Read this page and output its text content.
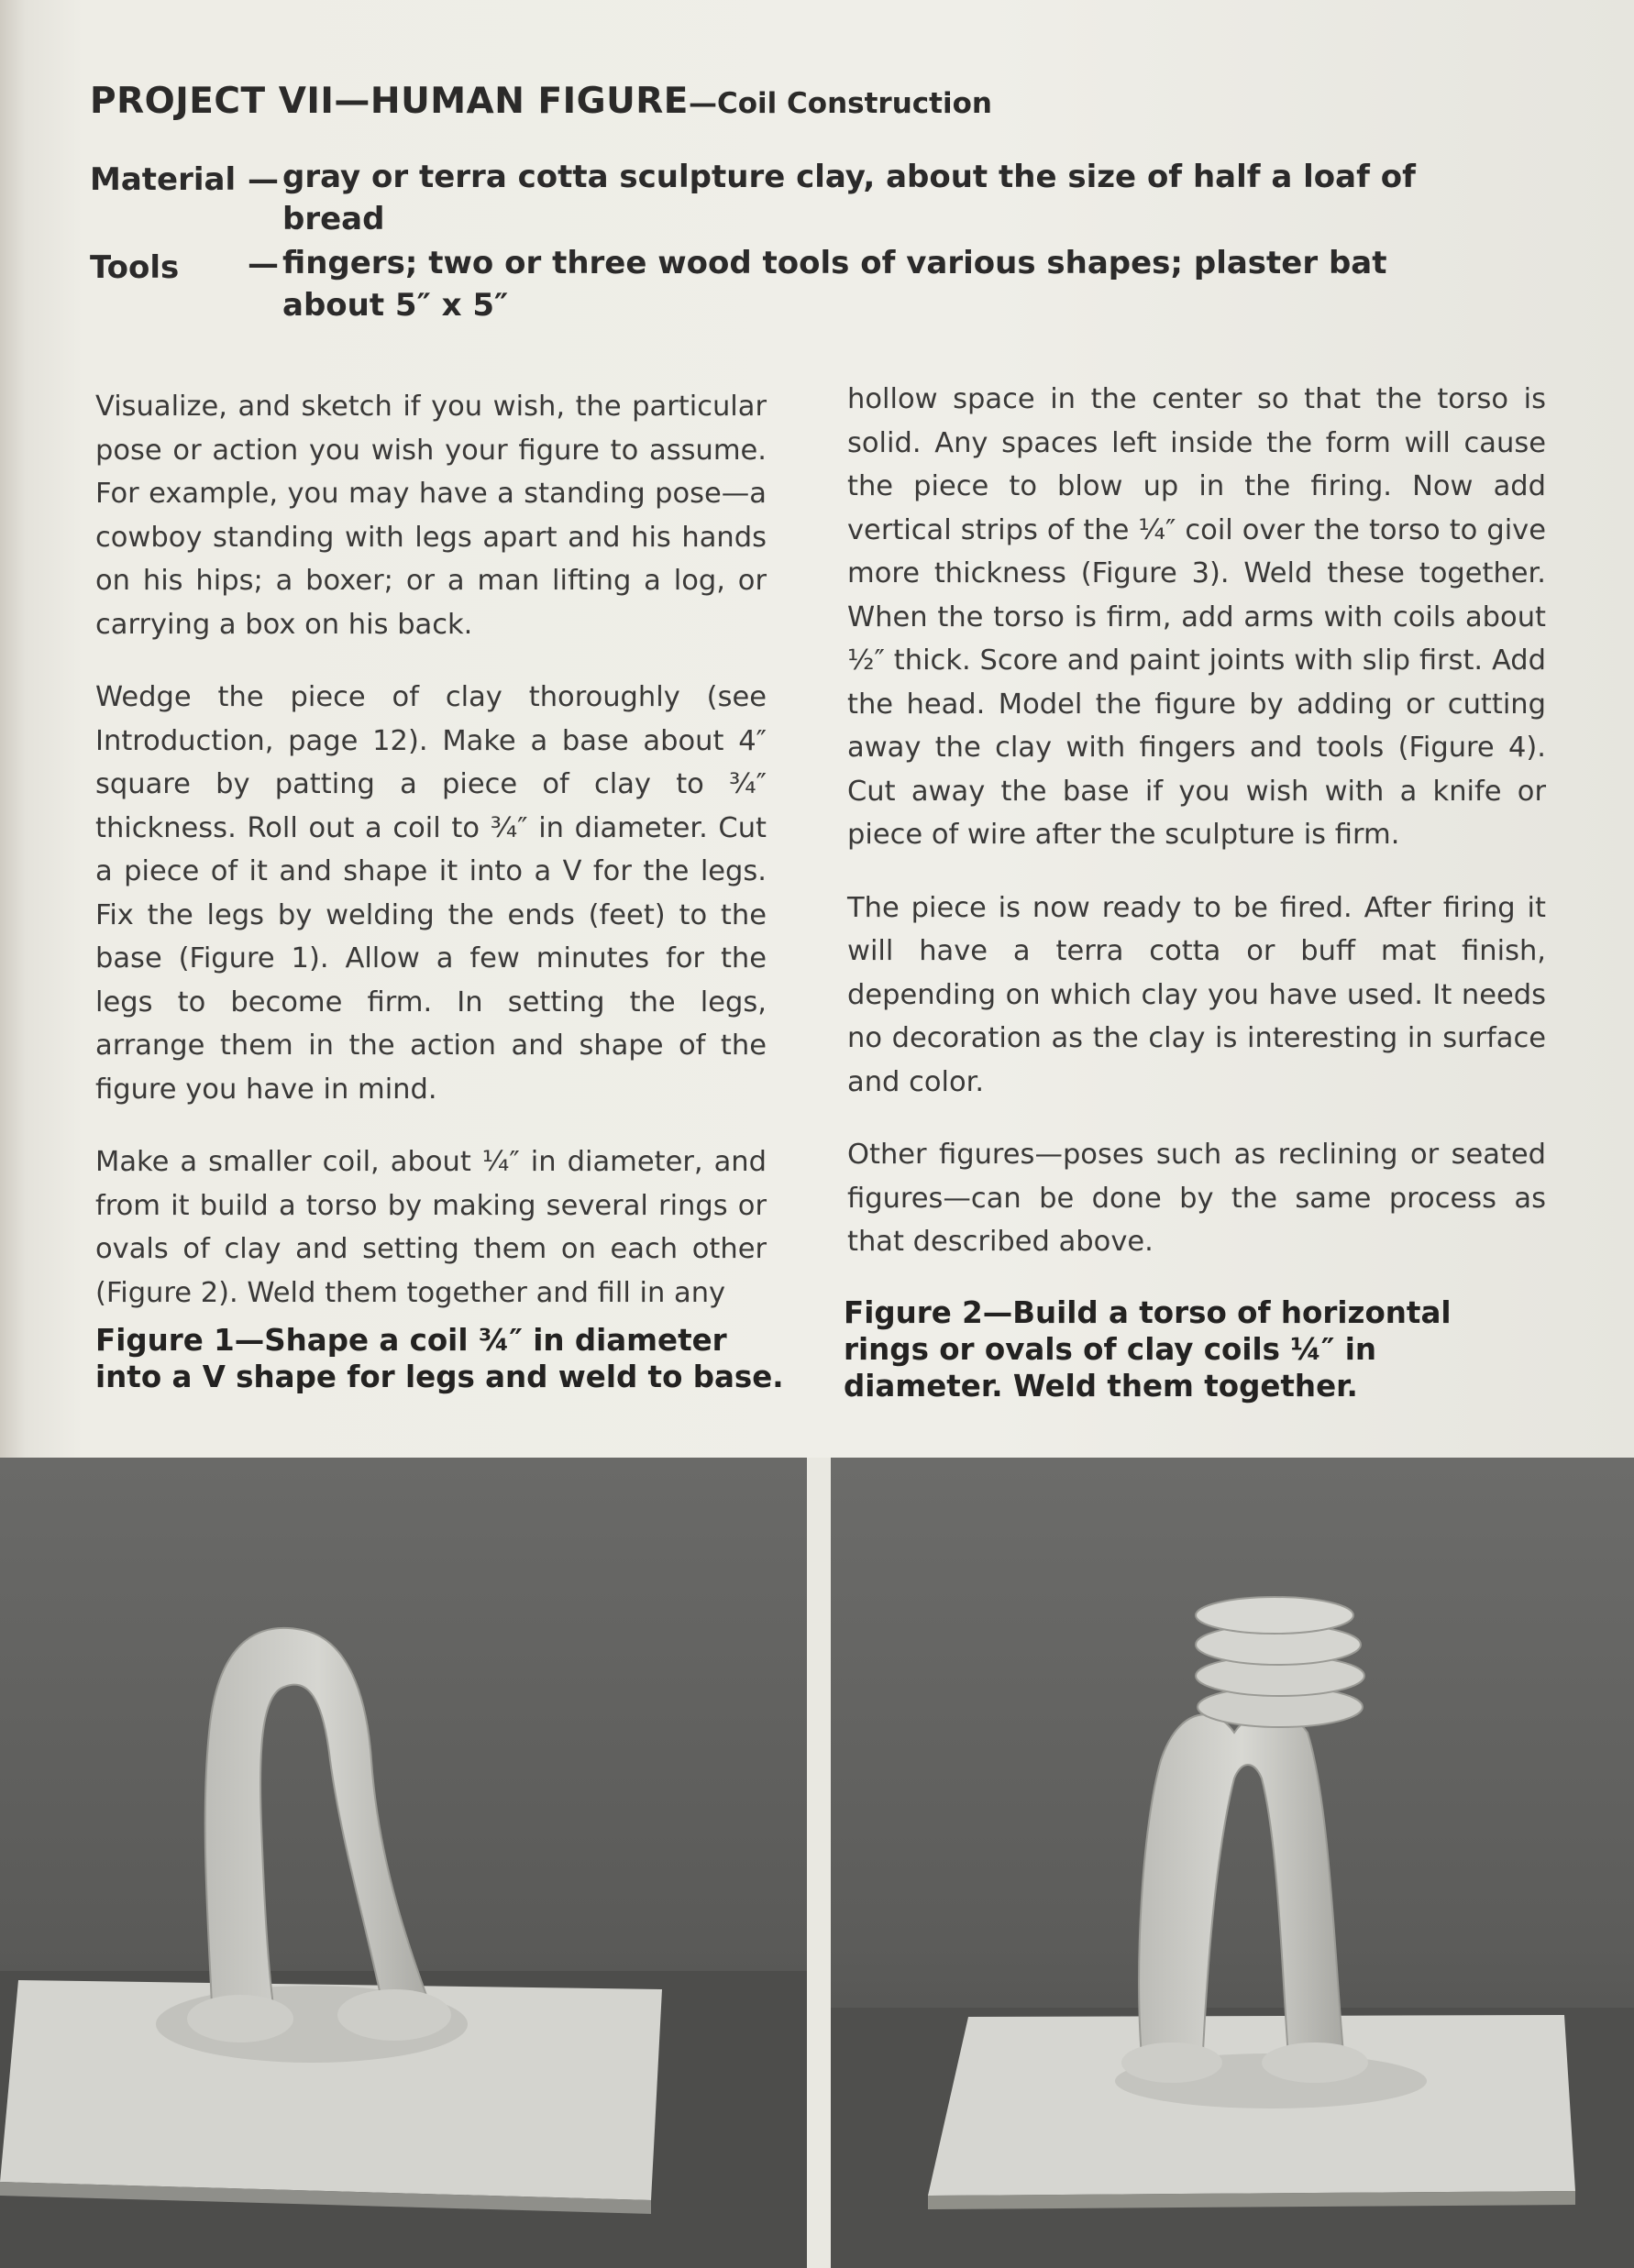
PROJECT VII—HUMAN FIGURE—Coil Construction
Material — gray or terra cotta sculpture clay, about the size of half a loaf of bread
Tools — fingers; two or three wood tools of various shapes; plaster bat about 5″ x 5″

Visualize, and sketch if you wish, the particular pose or action you wish your figure to assume. For example, you may have a standing pose—a cowboy standing with legs apart and his hands on his hips; a boxer; or a man lifting a log, or carrying a box on his back.

Wedge the piece of clay thoroughly (see Introduction, page 12). Make a base about 4″ square by patting a piece of clay to ¾″ thickness. Roll out a coil to ¾″ in diameter. Cut a piece of it and shape it into a V for the legs. Fix the legs by welding the ends (feet) to the base (Figure 1). Allow a few minutes for the legs to become firm. In setting the legs, arrange them in the action and shape of the figure you have in mind.

Make a smaller coil, about ¼″ in diameter, and from it build a torso by making several rings or ovals of clay and setting them on each other (Figure 2). Weld them together and fill in any

hollow space in the center so that the torso is solid. Any spaces left inside the form will cause the piece to blow up in the firing. Now add vertical strips of the ¼″ coil over the torso to give more thickness (Figure 3). Weld these together. When the torso is firm, add arms with coils about ½″ thick. Score and paint joints with slip first. Add the head. Model the figure by adding or cutting away the clay with fingers and tools (Figure 4). Cut away the base if you wish with a knife or piece of wire after the sculpture is firm.

The piece is now ready to be fired. After firing it will have a terra cotta or buff mat finish, depending on which clay you have used. It needs no decoration as the clay is interesting in surface and color.

Other figures—poses such as reclining or seated figures—can be done by the same process as that described above.

Figure 1—Shape a coil ¾″ in diameter into a V shape for legs and weld to base.
Figure 2—Build a torso of horizontal rings or ovals of clay coils ¼″ in diameter. Weld them together.
